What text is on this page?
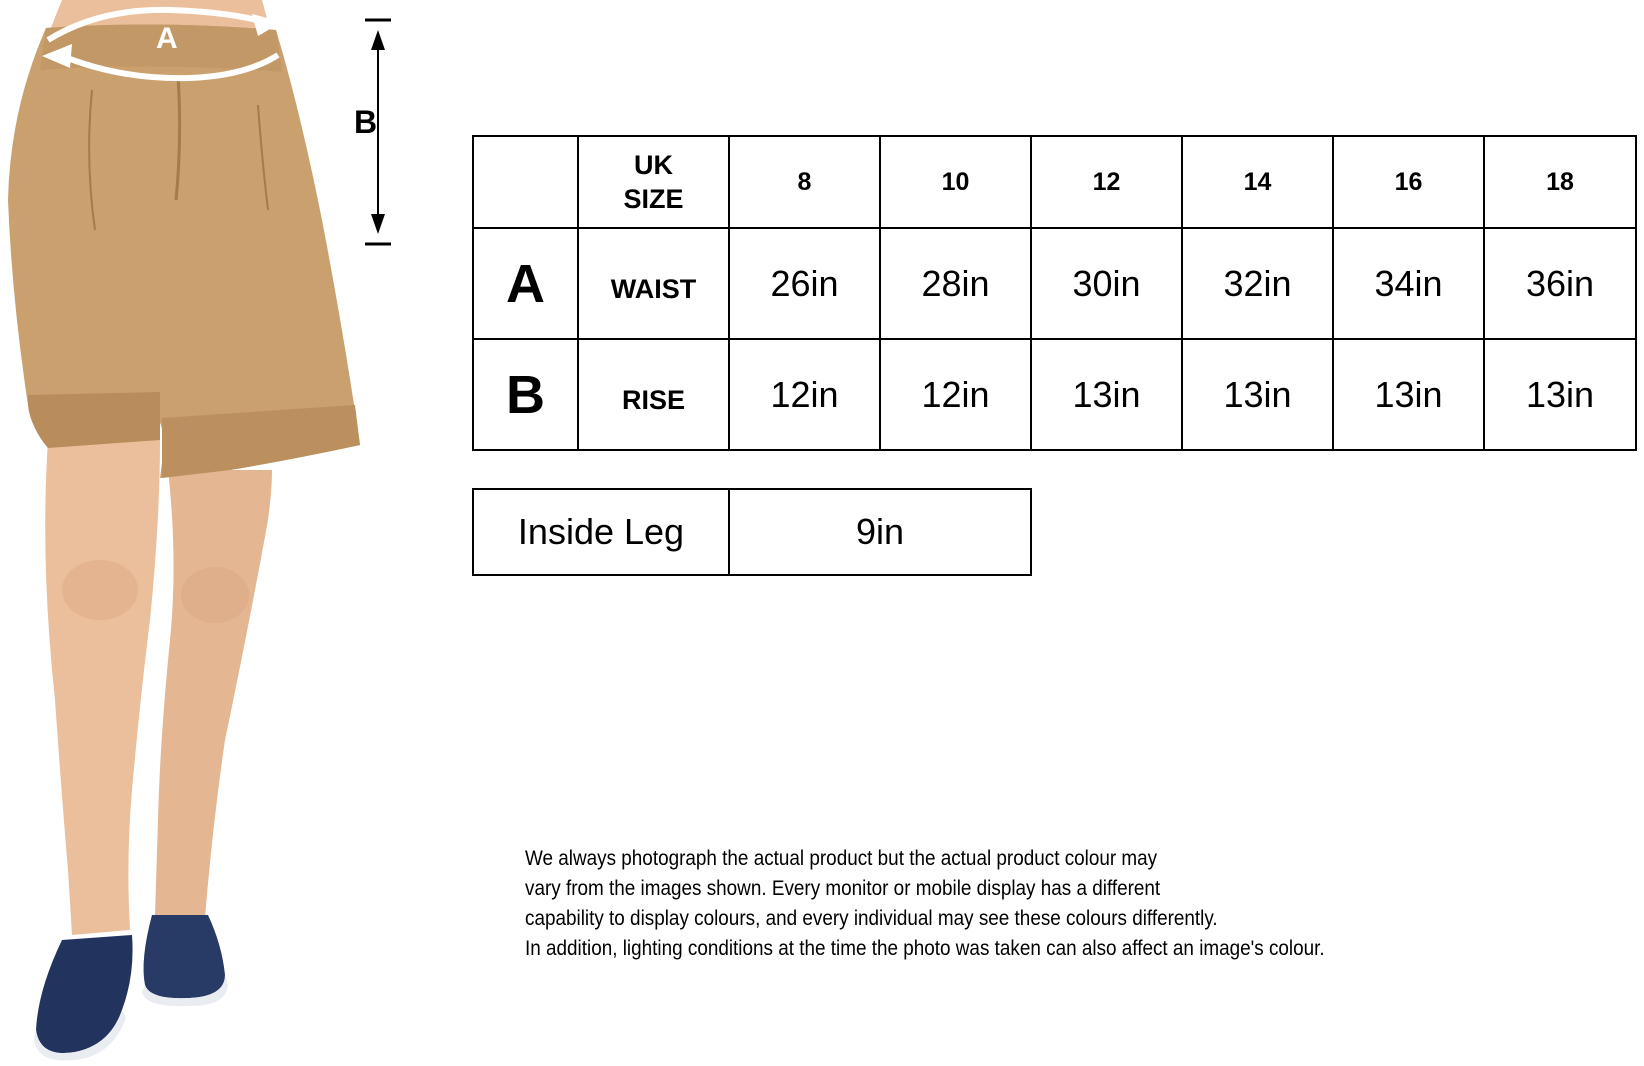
A
B

	UK
SIZE	8	10	12	14	16	18
A	WAIST	26in	28in	30in	32in	34in	36in
B	RISE	12in	12in	13in	13in	13in	13in
Inside Leg	9in
We always photograph the actual product but the actual product colour may
vary from the images shown. Every monitor or mobile display has a different
capability to display colours, and every individual may see these colours differently.
In addition, lighting conditions at the time the photo was taken can also affect an image's colour.
